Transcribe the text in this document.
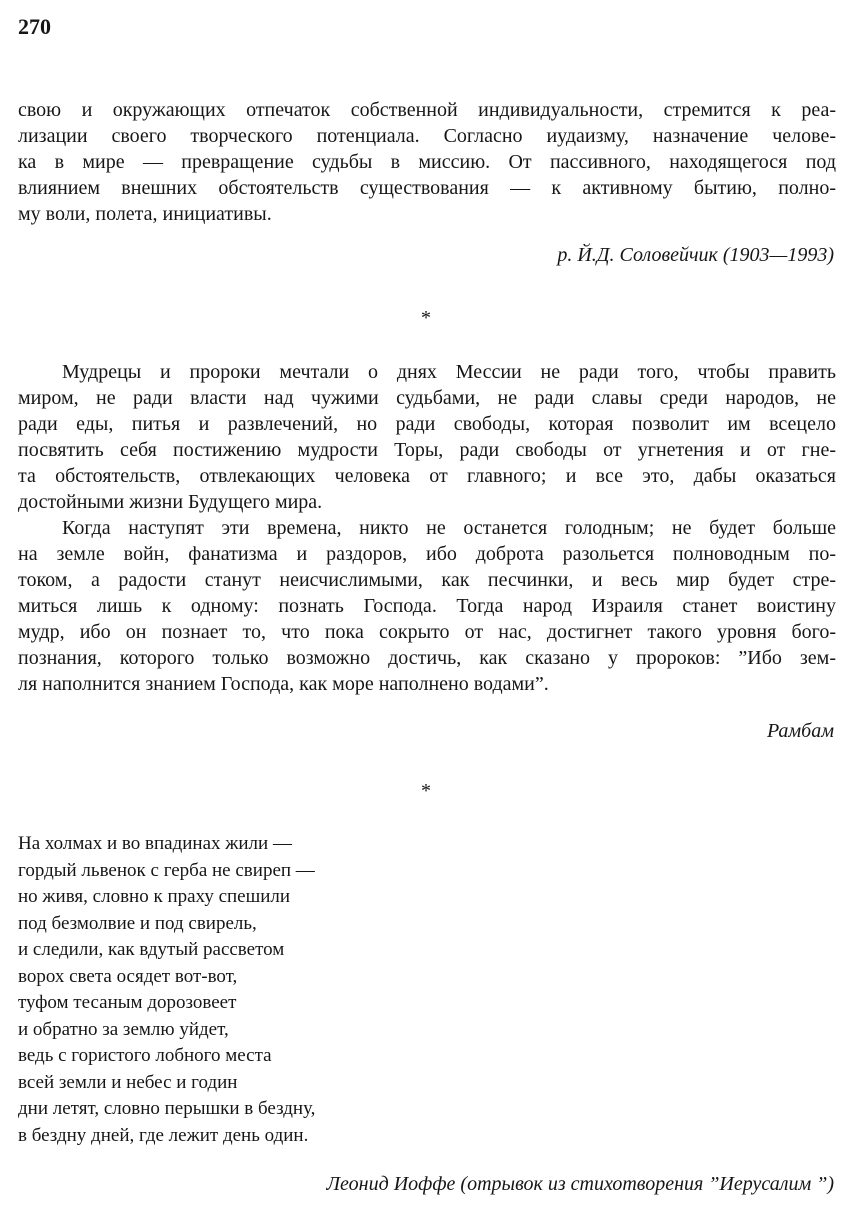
270
свою и окружающих отпечаток собственной индивидуальности, стремится к реа-
лизации своего творческого потенциала. Согласно иудаизму, назначение челове-
ка в мире — превращение судьбы в миссию. От пассивного, находящегося под
влиянием внешних обстоятельств существования — к активному бытию, полно-
му воли, полета, инициативы.
р. Й.Д. Соловейчик (1903—1993)
*
Мудрецы и пророки мечтали о днях Мессии не ради того, чтобы править
миром, не ради власти над чужими судьбами, не ради славы среди народов, не
ради еды, питья и развлечений, но ради свободы, которая позволит им всецело
посвятить себя постижению мудрости Торы, ради свободы от угнетения и от гне-
та обстоятельств, отвлекающих человека от главного; и все это, дабы оказаться
достойными жизни Будущего мира.
Когда наступят эти времена, никто не останется голодным; не будет больше
на земле войн, фанатизма и раздоров, ибо доброта разольется полноводным по-
током, а радости станут неисчислимыми, как песчинки, и весь мир будет стре-
миться лишь к одному: познать Господа. Тогда народ Израиля станет воистину
мудр, ибо он познает то, что пока сокрыто от нас, достигнет такого уровня бого-
познания, которого только возможно достичь, как сказано у пророков: ”Ибо зем-
ля наполнится знанием Господа, как море наполнено водами”.
Рамбам
*
На холмах и во впадинах жили —
гордый львенок с герба не свиреп —
но живя, словно к праху спешили
под безмолвие и под свирель,
и следили, как вдутый рассветом
ворох света осядет вот-вот,
туфом тесаным дорозовеет
и обратно за землю уйдет,
ведь с гористого лобного места
всей земли и небес и годин
дни летят, словно перышки в бездну,
в бездну дней, где лежит день один.
Леонид Иоффе (отрывок из стихотворения ”Иерусалим ”)
